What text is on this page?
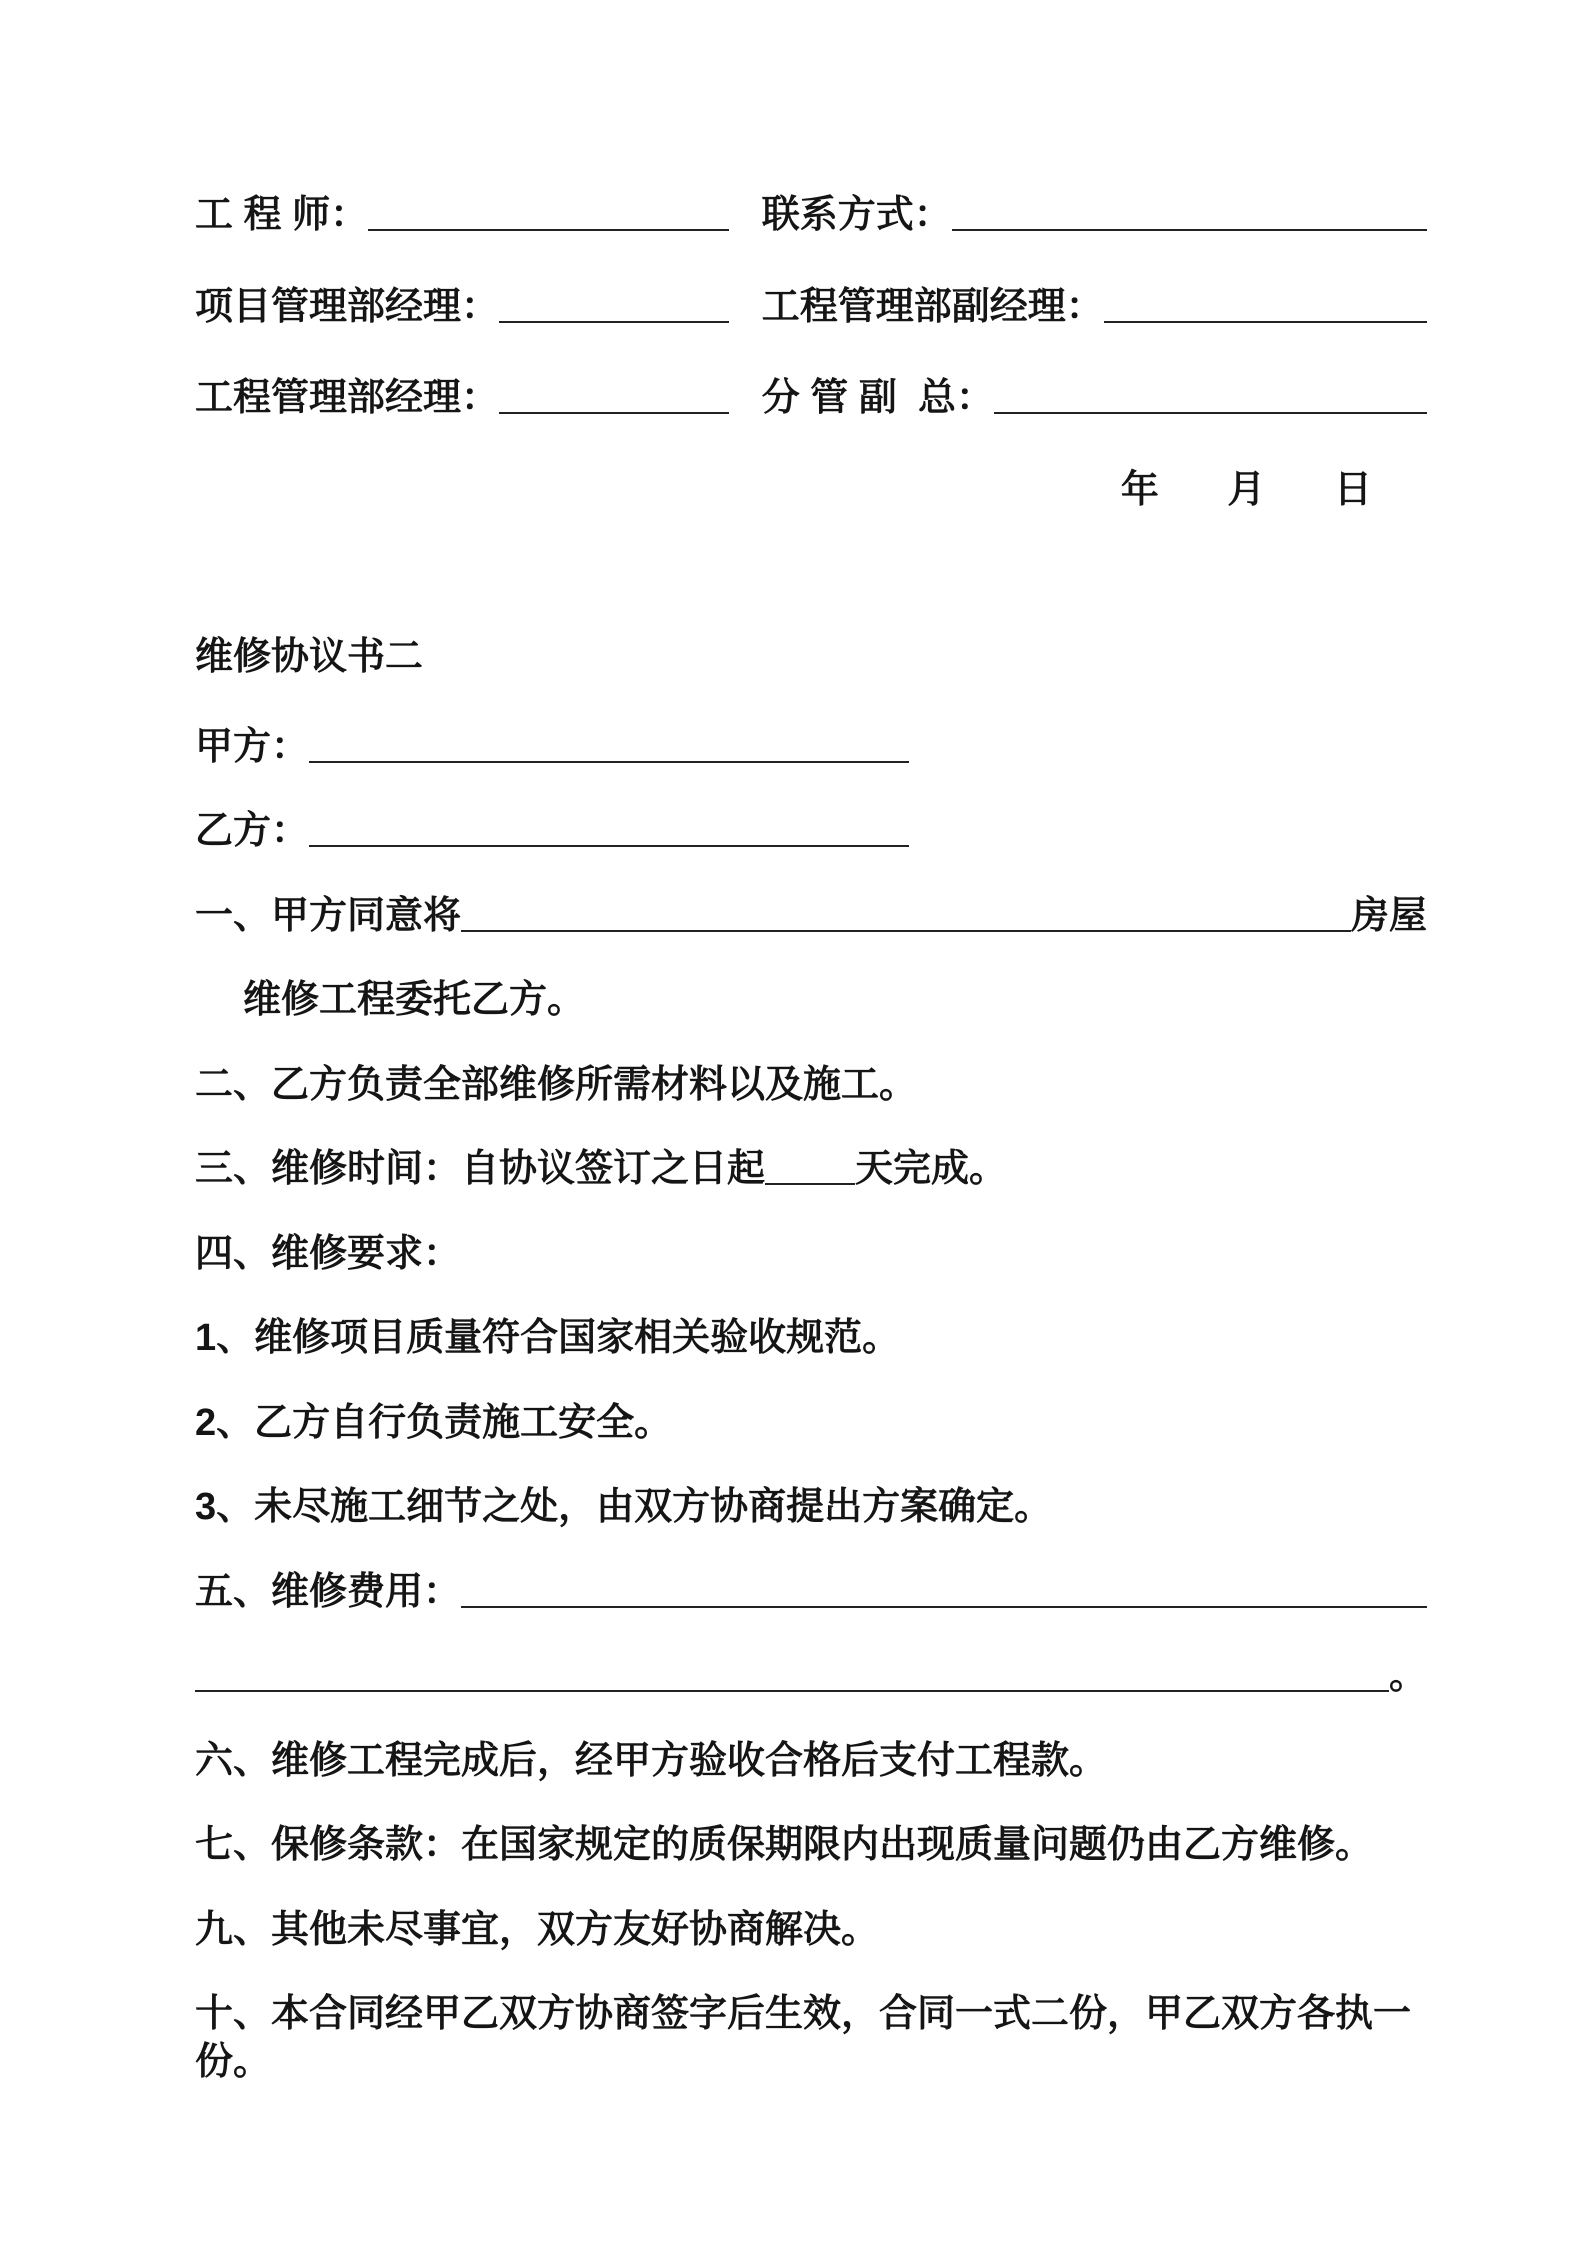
工 程 师：	联系方式：
项目管理部经理：	工程管理部副经理：
工程管理部经理：	分 管 副  总：
年 月 日
维修协议书二
甲方：
乙方：
一、甲方同意将	房屋
维修工程委托乙方。
二、乙方负责全部维修所需材料以及施工。
三、维修时间：自协议签订之日起 天完成。
四、维修要求：
1、维修项目质量符合国家相关验收规范。
2、乙方自行负责施工安全。
3、未尽施工细节之处，由双方协商提出方案确定。
五、维修费用：
。
六、维修工程完成后，经甲方验收合格后支付工程款。
七、保修条款：在国家规定的质保期限内出现质量问题仍由乙方维修。
九、其他未尽事宜，双方友好协商解决。
十、本合同经甲乙双方协商签字后生效，合同一式二份，甲乙双方各执一份。
